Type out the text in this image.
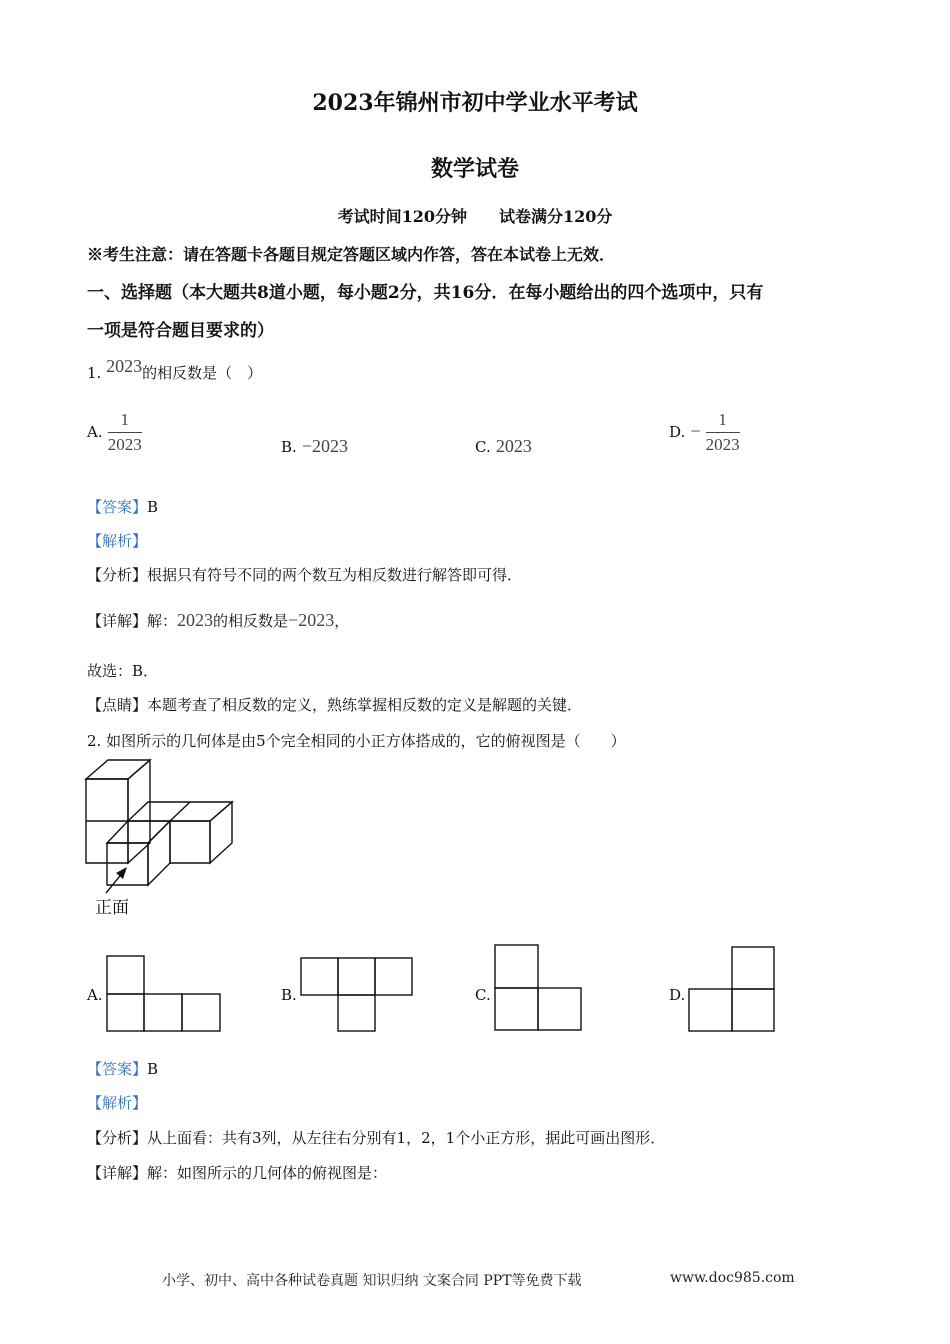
2023年锦州市初中学业水平考试
数学试卷
考试时间120分钟　　试卷满分120分
※考生注意：请在答题卡各题目规定答题区域内作答，答在本试卷上无效．
一、选择题（本大题共8道小题，每小题2分，共16分．在每小题给出的四个选项中，只有
一项是符合题目要求的）
1. 2023的相反数是（　）
A. $\frac{1}{2023}$	B. −2023	C. 2023
D. − $\frac{1}{2023}$
【答案】B
【解析】
【分析】根据只有符号不同的两个数互为相反数进行解答即可得．
【详解】解：2023的相反数是−2023，
故选：B．
【点睛】本题考查了相反数的定义，熟练掌握相反数的定义是解题的关键．
2. 如图所示的几何体是由5个完全相同的小正方体搭成的，它的俯视图是（　　）
正面
A.	B.	C.	D.
【答案】B
【解析】
【分析】从上面看：共有3列，从左往右分别有1，2，1个小正方形，据此可画出图形．
【详解】解：如图所示的几何体的俯视图是：
小学、初中、高中各种试卷真题 知识归纳 文案合同 PPT等免费下载	www.doc985.com
